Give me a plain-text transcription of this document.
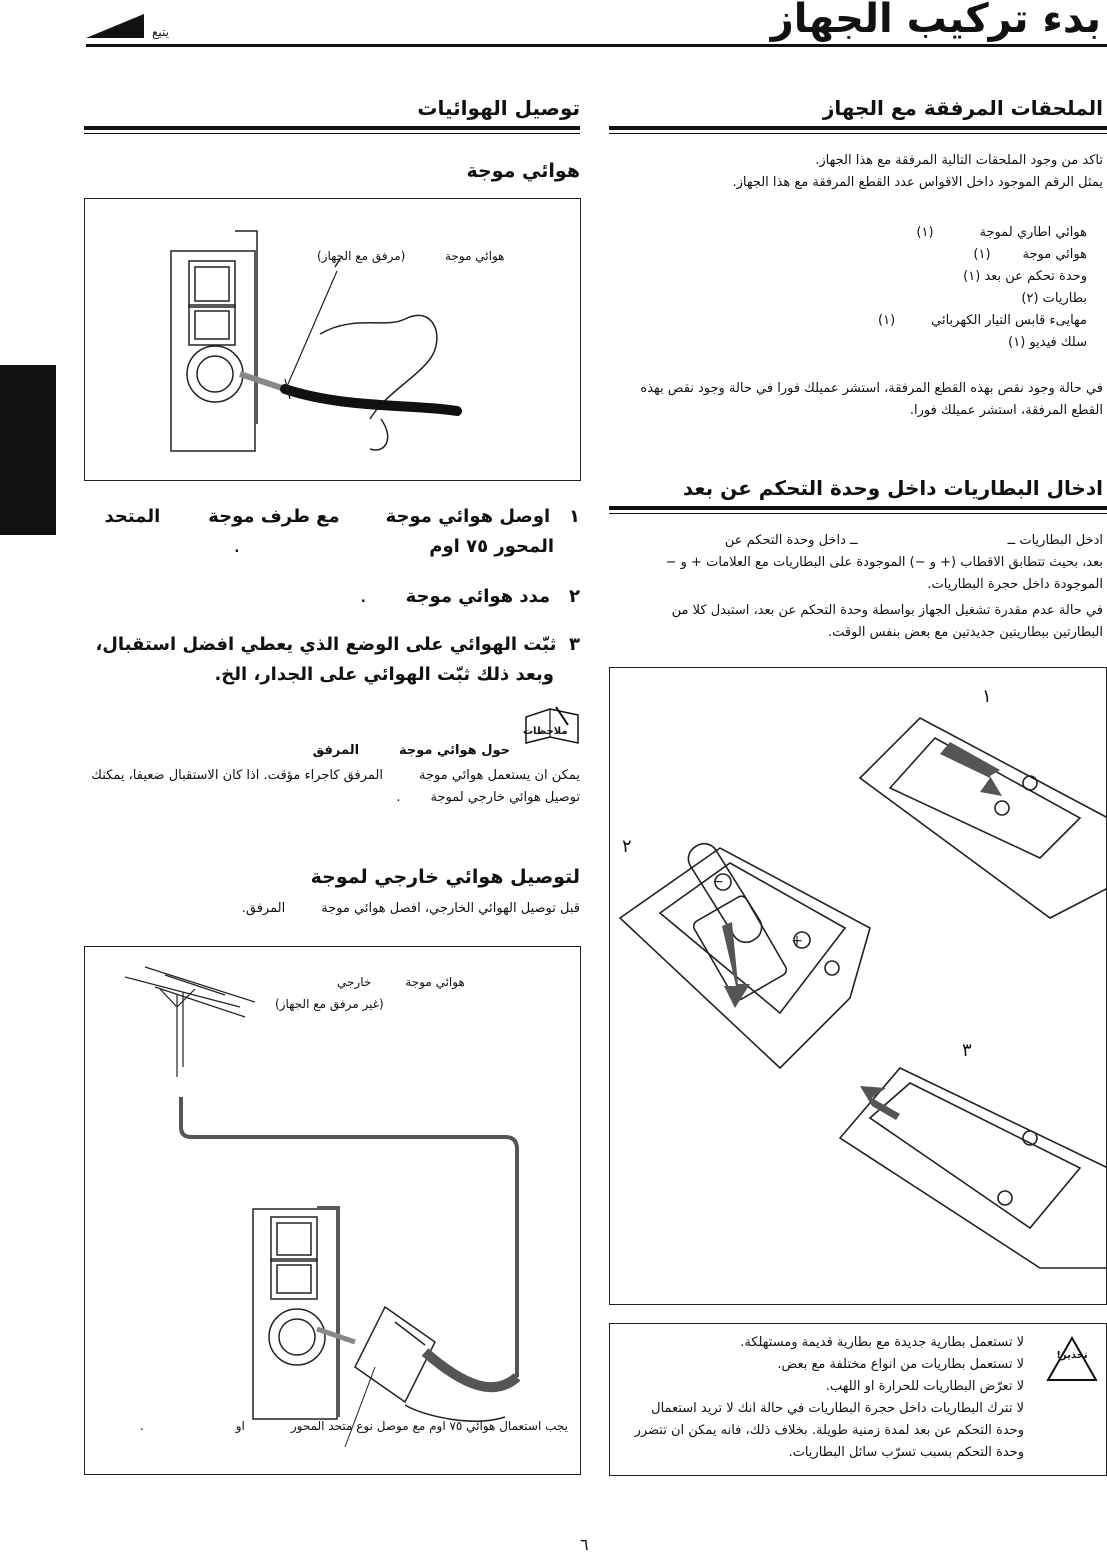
بدء تركيب الجهاز
يتبع
الملحقات المرفقة مع الجهاز
تاكد من وجود الملحقات التالية المرفقة مع هذا الجهاز.
يمثل الرقم الموجود داخل الاقواس عدد القطع المرفقة مع هذا الجهاز.
هوائي اطاري لموجة(١)
هوائي موجة(١)
وحدة تحكم عن بعد (١)
بطاريات (٢)
مهايىء قابس التيار الكهربائي(١)
سلك فيديو (١)
في حالة وجود نقص بهذه القطع المرفقة، استشر عميلك فورا في حالة وجود نقص بهذه القطع المرفقة، استشر عميلك فورا.
ادخال البطاريات داخل وحدة التحكم عن بعد
ادخل البطاريات ــــ داخل وحدة التحكم عن
بعد، بحيث تتطابق الاقطاب (+ و −) الموجودة على البطاريات مع العلامات + و − الموجودة داخل حجرة البطاريات.
في حالة عدم مقدرة تشغيل الجهاز بواسطة وحدة التحكم عن بعد، استبدل كلا من البطارتين ببطاريتين جديدتين مع بعض بنفس الوقت.
١
٢
٣
−
+
تحذير!
لا تستعمل بطارية جديدة مع بطارية قديمة ومستهلكة.
لا تستعمل بطاريات من انواع مختلفة مع بعض.
لا تعرّض البطاريات للحرارة او اللهب.
لا تترك البطاريات داخل حجرة البطاريات في حالة انك لا تريد استعمال وحدة التحكم عن بعد لمدة زمنية طويلة. بخلاف ذلك، فانه يمكن ان تتضرر وحدة التحكم بسبب تسرّب سائل البطاريات.
توصيل الهوائيات
هوائي موجة
هوائي موجة
(مرفق مع الجهاز)
١   اوصل هوائي موجةمع طرف موجةالمتحد
المحور ٧٥ اوم.
٢   مدد هوائي موجة.
٣  ثبّت الهوائي على الوضع الذي يعطي افضل استقبال،
وبعد ذلك ثبّت الهوائي على الجدار، الخ.
ملاحظات
حول هوائي موجةالمرفق
يمكن ان يستعمل هوائي موجةالمرفق كاجراء مؤقت. اذا كان الاستقبال ضعيفا، يمكنك
توصيل هوائي خارجي لموجة.
لتوصيل هوائي خارجي لموجة
قبل توصيل الهوائي الخارجي، افصل هوائي موجةالمرفق.
هوائي موجةخارجي
(غير مرفق مع الجهاز)
يجب استعمال هوائي ٧٥ اوم مع موصل نوع متحد المحوراو.
٦
